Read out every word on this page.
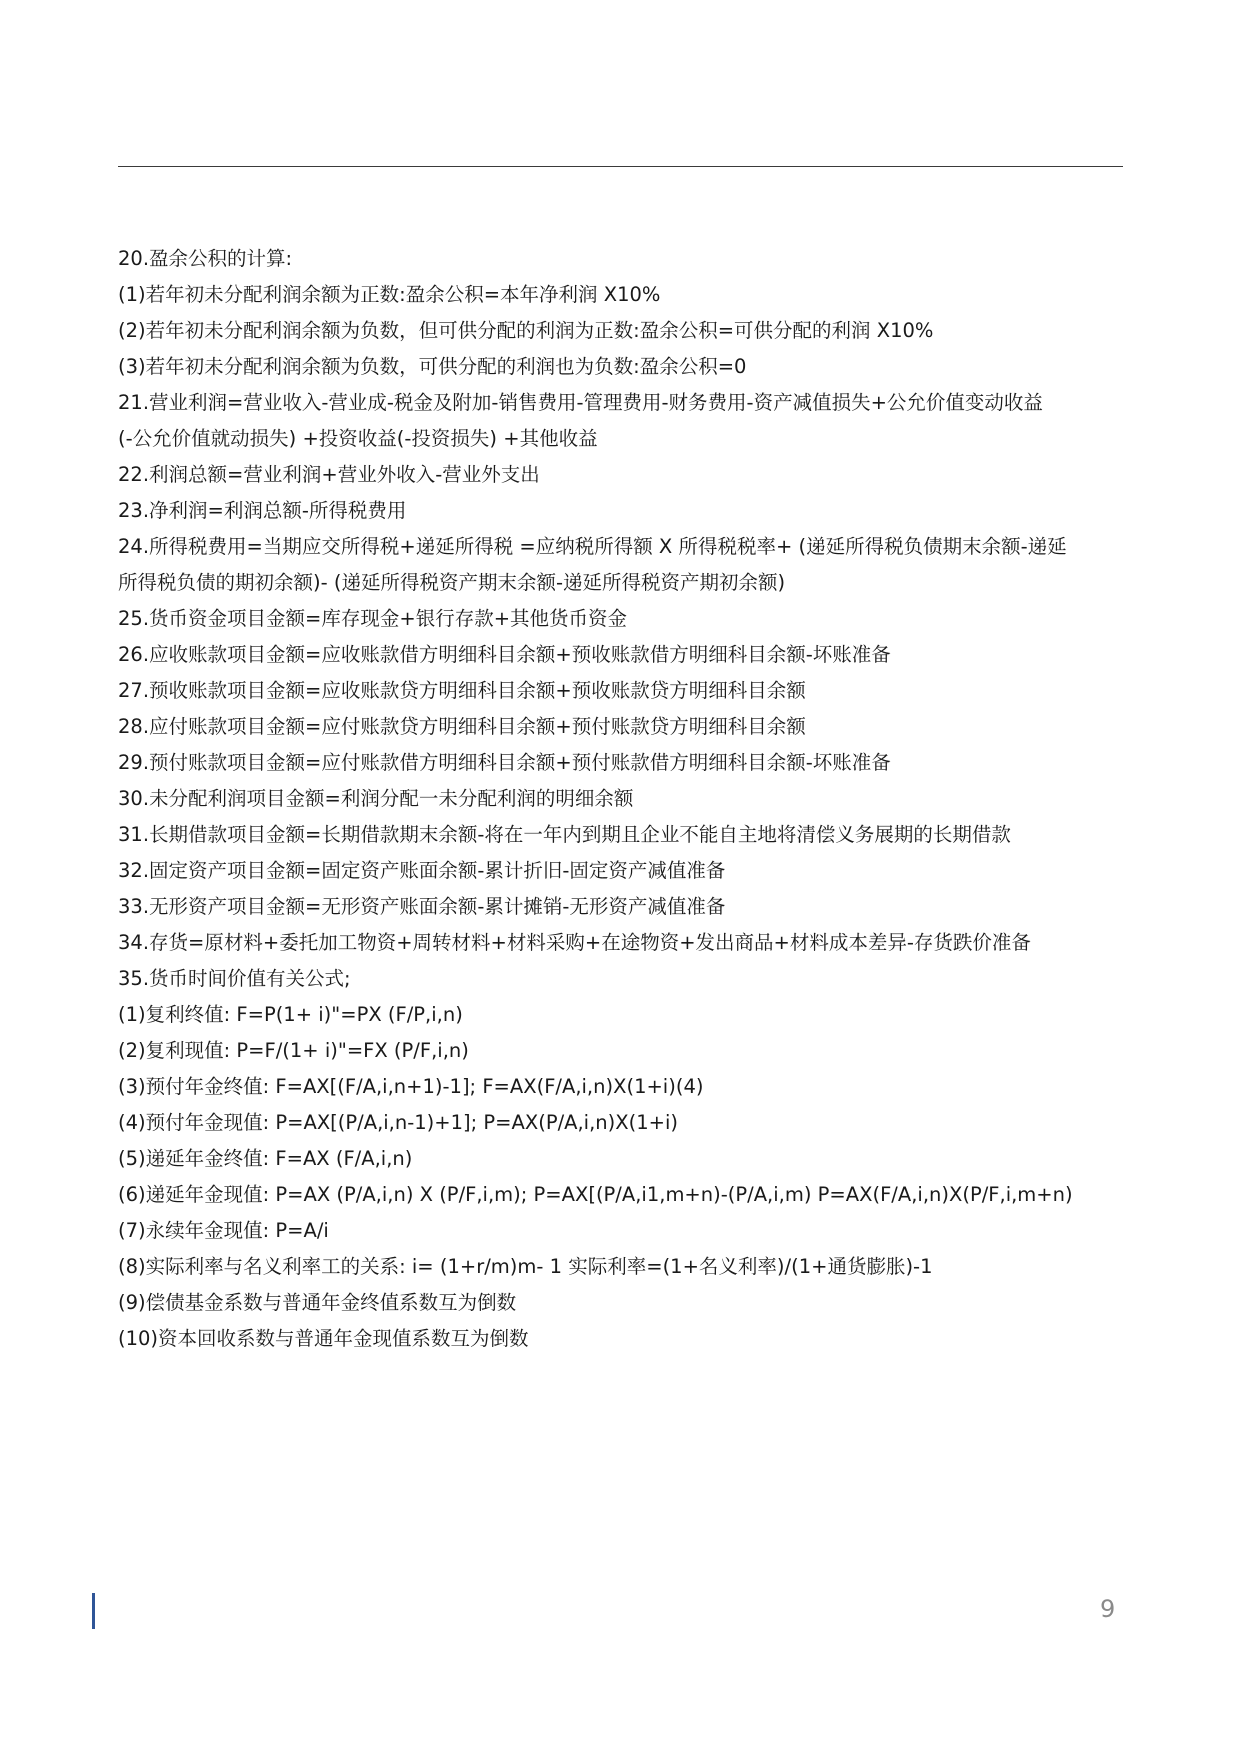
20.盈余公积的计算:
(1)若年初未分配利润余额为正数:盈余公积=本年净利润 X10%
(2)若年初未分配利润余额为负数，但可供分配的利润为正数:盈余公积=可供分配的利润 X10%
(3)若年初未分配利润余额为负数，可供分配的利润也为负数:盈余公积=0
21.营业利润=营业收入-营业成-税金及附加-销售费用-管理费用-财务费用-资产减值损失+公允价值变动收益
(-公允价值就动损失) +投资收益(-投资损失) +其他收益
22.利润总额=营业利润+营业外收入-营业外支出
23.净利润=利润总额-所得税费用
24.所得税费用=当期应交所得税+递延所得税 =应纳税所得额 X 所得税税率+ (递延所得税负债期末余额-递延
所得税负债的期初余额)- (递延所得税资产期末余额-递延所得税资产期初余额)
25.货币资金项目金额=库存现金+银行存款+其他货币资金
26.应收账款项目金额=应收账款借方明细科目余额+预收账款借方明细科目余额-坏账准备
27.预收账款项目金额=应收账款贷方明细科目余额+预收账款贷方明细科目余额
28.应付账款项目金额=应付账款贷方明细科目余额+预付账款贷方明细科目余额
29.预付账款项目金额=应付账款借方明细科目余额+预付账款借方明细科目余额-坏账准备
30.未分配利润项目金额=利润分配一未分配利润的明细余额
31.长期借款项目金额=长期借款期末余额-将在一年内到期且企业不能自主地将清偿义务展期的长期借款
32.固定资产项目金额=固定资产账面余额-累计折旧-固定资产减值准备
33.无形资产项目金额=无形资产账面余额-累计摊销-无形资产减值准备
34.存货=原材料+委托加工物资+周转材料+材料采购+在途物资+发出商品+材料成本差异-存货跌价准备
35.货币时间价值有关公式;
(1)复利终值: F=P(1+ i)"=PX (F/P,i,n)
(2)复利现值: P=F/(1+ i)"=FX (P/F,i,n)
(3)预付年金终值: F=AX[(F/A,i,n+1)-1]; F=AX(F/A,i,n)X(1+i)(4)
(4)预付年金现值: P=AX[(P/A,i,n-1)+1]; P=AX(P/A,i,n)X(1+i)
(5)递延年金终值: F=AX (F/A,i,n)
(6)递延年金现值: P=AX (P/A,i,n) X (P/F,i,m); P=AX[(P/A,i1,m+n)-(P/A,i,m) P=AX(F/A,i,n)X(P/F,i,m+n)
(7)永续年金现值: P=A/i
(8)实际利率与名义利率工的关系: i= (1+r/m)m- 1 实际利率=(1+名义利率)/(1+通货膨胀)-1
(9)偿债基金系数与普通年金终值系数互为倒数
(10)资本回收系数与普通年金现值系数互为倒数
9
